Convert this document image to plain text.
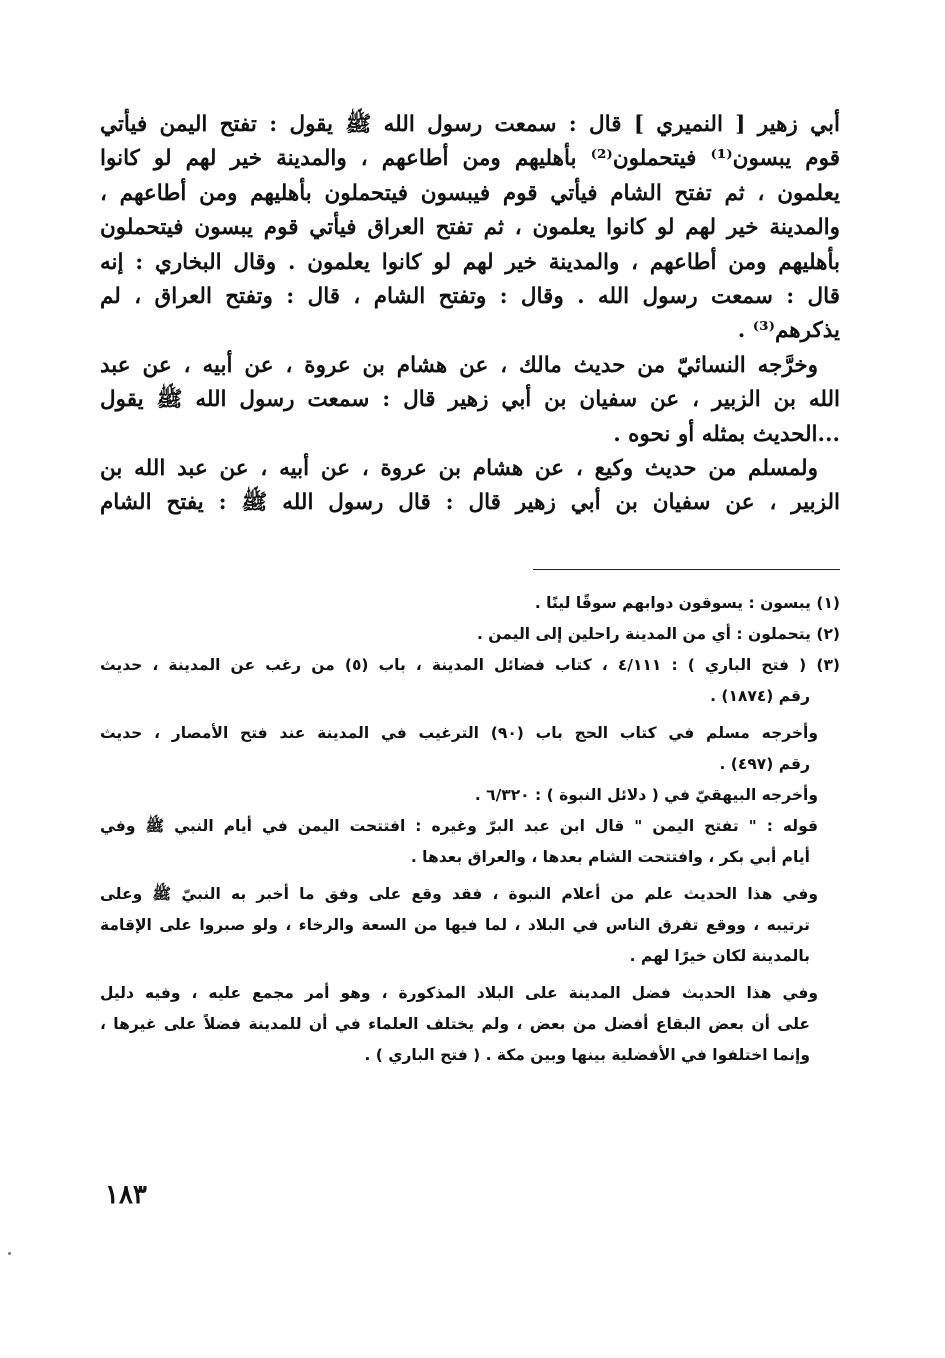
أبي زهير [ النميري ] قال : سمعت رسول الله ﷺ يقول : تفتح اليمن فيأتي
قوم يبسون⁽¹⁾ فيتحملون⁽²⁾ بأهليهم ومن أطاعهم ، والمدينة خير لهم لو كانوا
يعلمون ، ثم تفتح الشام فيأتي قوم فيبسون فيتحملون بأهليهم ومن أطاعهم ،
والمدينة خير لهم لو كانوا يعلمون ، ثم تفتح العراق فيأتي قوم يبسون فيتحملون
بأهليهم ومن أطاعهم ، والمدينة خير لهم لو كانوا يعلمون . وقال البخاري : إنه
قال : سمعت رسول الله . وقال : وتفتح الشام ، قال : وتفتح العراق ، لم
يذكرهم⁽³⁾ .
وخرَّجه النسائيّ من حديث مالك ، عن هشام بن عروة ، عن أبيه ، عن عبد
الله بن الزبير ، عن سفيان بن أبي زهير قال : سمعت رسول الله ﷺ يقول
...الحديث بمثله أو نحوه .
ولمسلم من حديث وكيع ، عن هشام بن عروة ، عن أبيه ، عن عبد الله بن
الزبير ، عن سفيان بن أبي زهير قال : قال رسول الله ﷺ : يفتح الشام
(١) يبسون : يسوقون دوابهم سوقًا لينًا .
(٢) يتحملون : أي من المدينة راحلين إلى اليمن .
(٣) ( فتح الباري ) : ٤/١١١ ، كتاب فضائل المدينة ، باب (٥) من رغب عن المدينة ، حديث
رقم (١٨٧٤) .
وأخرجه مسلم في كتاب الحج باب (٩٠) الترغيب في المدينة عند فتح الأمصار ، حديث
رقم (٤٩٧) .
وأخرجه البيهقيّ في ( دلائل النبوة ) : ٦/٣٢٠ .
قوله : " تفتح اليمن " قال ابن عبد البرّ وغيره : افتتحت اليمن في أيام النبي ﷺ وفي
أيام أبي بكر ، وافتتحت الشام بعدها ، والعراق بعدها .
وفي هذا الحديث علم من أعلام النبوة ، فقد وقع على وفق ما أخبر به النبيّ ﷺ وعلى
ترتيبه ، ووقع تفرق الناس في البلاد ، لما فيها من السعة والرخاء ، ولو صبروا على الإقامة
بالمدينة لكان خيرًا لهم .
وفي هذا الحديث فضل المدينة على البلاد المذكورة ، وهو أمر مجمع عليه ، وفيه دليل
على أن بعض البقاع أفضل من بعض ، ولم يختلف العلماء في أن للمدينة فضلاً على غيرها ،
وإنما اختلفوا في الأفضلية بينها وبين مكة . ( فتح الباري ) .
١٨٣
